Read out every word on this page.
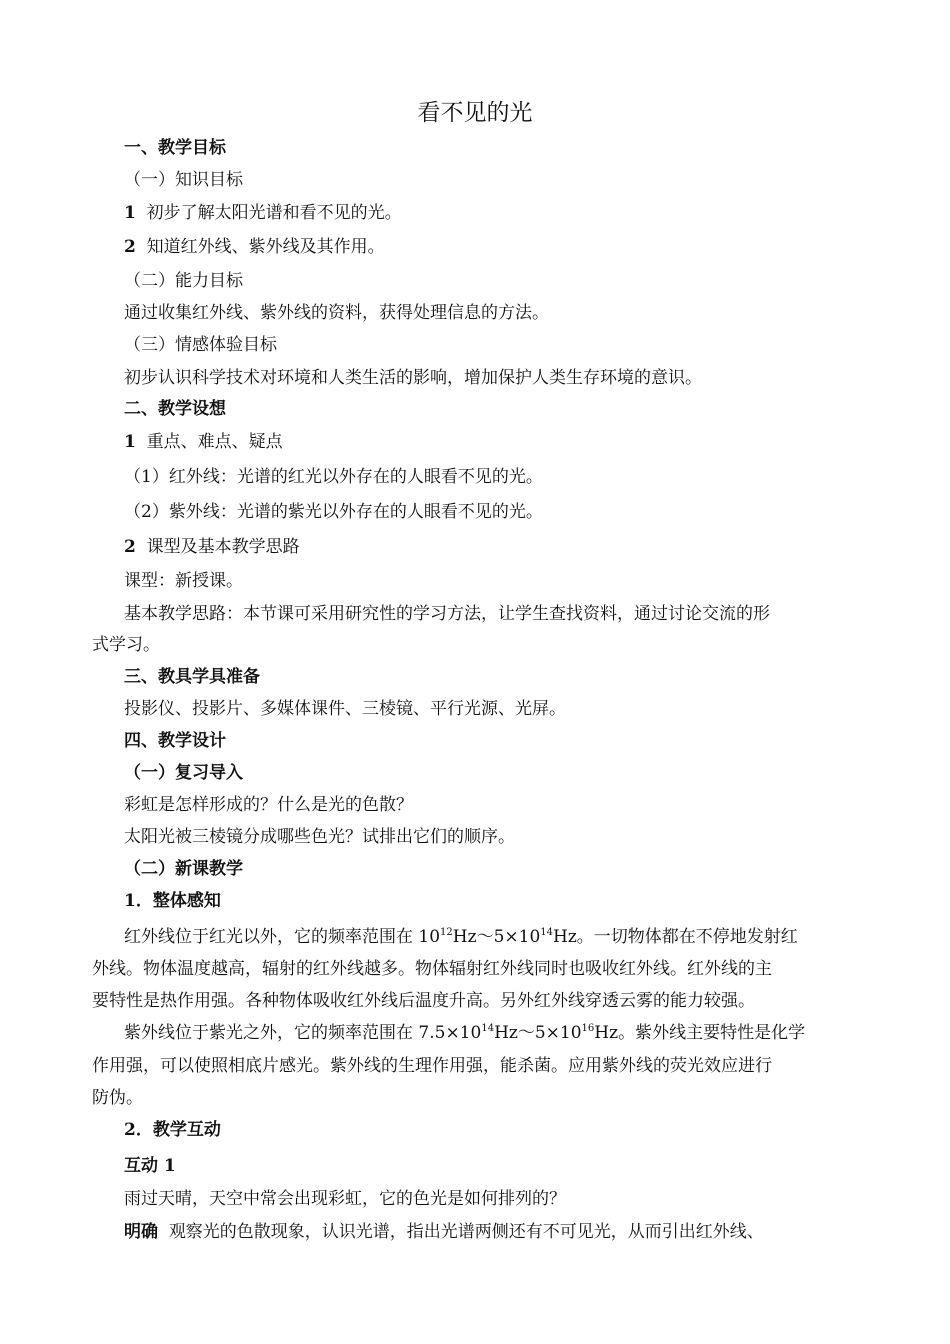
看不见的光
一、教学目标
（一）知识目标
1 初步了解太阳光谱和看不见的光。
2 知道红外线、紫外线及其作用。
（二）能力目标
通过收集红外线、紫外线的资料，获得处理信息的方法。
（三）情感体验目标
初步认识科学技术对环境和人类生活的影响，增加保护人类生存环境的意识。
二、教学设想
1 重点、难点、疑点
（1）红外线：光谱的红光以外存在的人眼看不见的光。
（2）紫外线：光谱的紫光以外存在的人眼看不见的光。
2 课型及基本教学思路
课型：新授课。
基本教学思路：本节课可采用研究性的学习方法，让学生查找资料，通过讨论交流的形
式学习。
三、教具学具准备
投影仪、投影片、多媒体课件、三棱镜、平行光源、光屏。
四、教学设计
（一）复习导入
彩虹是怎样形成的？什么是光的色散？
太阳光被三棱镜分成哪些色光？试排出它们的顺序。
（二）新课教学
1．整体感知
红外线位于红光以外，它的频率范围在 $10^{12}Hz\sim 5\times 10^{14}Hz$。一切物体都在不停地发射红
外线。物体温度越高，辐射的红外线越多。物体辐射红外线同时也吸收红外线。红外线的主
要特性是热作用强。各种物体吸收红外线后温度升高。另外红外线穿透云雾的能力较强。
紫外线位于紫光之外，它的频率范围在 $7.5\times 10^{14}Hz\sim 5\times 10^{16}Hz$。紫外线主要特性是化学
作用强，可以使照相底片感光。紫外线的生理作用强，能杀菌。应用紫外线的荧光效应进行
防伪。
2．教学互动
互动 1
雨过天晴，天空中常会出现彩虹，它的色光是如何排列的？
明确 观察光的色散现象，认识光谱，指出光谱两侧还有不可见光，从而引出红外线、
